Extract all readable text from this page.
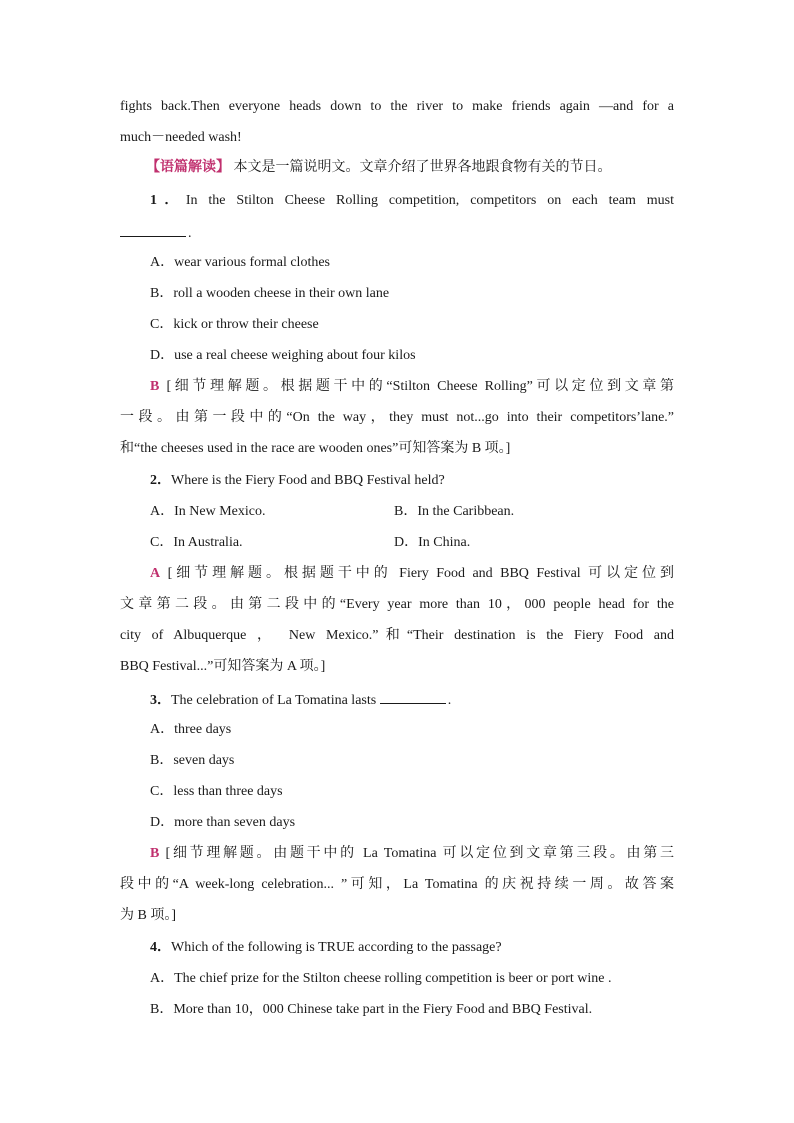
fights back.Then everyone heads down to the river to make friends again —and for a
much－needed wash!
【语篇解读】 本文是一篇说明文。文章介绍了世界各地跟食物有关的节日。
1．In the Stilton Cheese Rolling competition, competitors on each team must
.
A．wear various formal clothes
B．roll a wooden cheese in their own lane
C．kick or throw their cheese
D．use a real cheese weighing about four kilos
B [细节理解题。根据题干中的“Stilton Cheese Rolling”可以定位到文章第
一段。由第一段中的“On the way，they must not...go into their competitors’lane.”
和“the cheeses used in the race are wooden ones”可知答案为 B 项。]
2．Where is the Fiery Food and BBQ Festival held?
A．In New Mexico.	B．In the Caribbean.
C．In Australia.	D．In China.
A [细节理解题。根据题干中的 Fiery Food and BBQ Festival 可以定位到
文章第二段。由第二段中的“Every year more than 10，000 people head for the
city of Albuquerque ， New Mexico.”和“Their destination is the Fiery Food and
BBQ Festival...”可知答案为 A 项。]
3．The celebration of La Tomatina lasts	.
A．three days
B．seven days
C．less than three days
D．more than seven days
B [细节理解题。由题干中的 La Tomatina 可以定位到文章第三段。由第三
段中的“A week-long celebration... ”可知，La Tomatina 的庆祝持续一周。故答案
为 B 项。]
4．Which of the following is TRUE according to the passage?
A．The chief prize for the Stilton cheese rolling competition is beer or port wine .
B．More than 10，000 Chinese take part in the Fiery Food and BBQ Festival.
